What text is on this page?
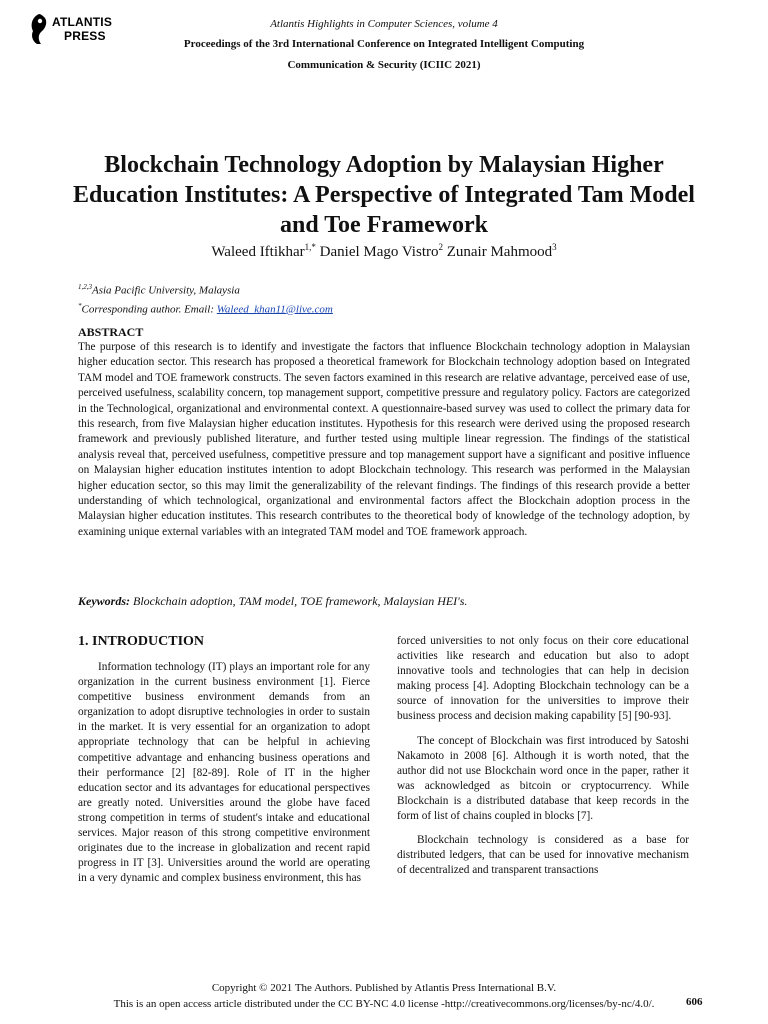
ATLANTIS
PRESS
Atlantis Highlights in Computer Sciences, volume 4
Proceedings of the 3rd International Conference on Integrated Intelligent Computing
Communication & Security (ICIIC 2021)
Blockchain Technology Adoption by Malaysian Higher Education Institutes: A Perspective of Integrated Tam Model and Toe Framework
Waleed Iftikhar$^{1,*}$ Daniel Mago Vistro$^2$ Zunair Mahmood$^3$
$^{1,2,3}$Asia Pacific University, Malaysia
*Corresponding author. Email: Waleed_khan11@live.com
ABSTRACT
The purpose of this research is to identify and investigate the factors that influence Blockchain technology adoption in Malaysian higher education sector. This research has proposed a theoretical framework for Blockchain technology adoption based on Integrated TAM model and TOE framework constructs. The seven factors examined in this research are relative advantage, perceived ease of use, perceived usefulness, scalability concern, top management support, competitive pressure and regulatory policy. Factors are categorized in the Technological, organizational and environmental context. A questionnaire-based survey was used to collect the primary data for this research, from five Malaysian higher education institutes. Hypothesis for this research were derived using the proposed research framework and previously published literature, and further tested using multiple linear regression. The findings of the statistical analysis reveal that, perceived usefulness, competitive pressure and top management support have a significant and positive influence on Malaysian higher education institutes intention to adopt Blockchain technology. This research was performed in the Malaysian higher education sector, so this may limit the generalizability of the relevant findings. The findings of this research provide a better understanding of which technological, organizational and environmental factors affect the Blockchain adoption process in the Malaysian higher education institutes. This research contributes to the theoretical body of knowledge of the technology adoption, by examining unique external variables with an integrated TAM model and TOE framework approach.
Keywords: Blockchain adoption, TAM model, TOE framework, Malaysian HEI's.
1. INTRODUCTION

Information technology (IT) plays an important role for any organization in the current business environment [1]. Fierce competitive business environment demands from an organization to adopt disruptive technologies in order to sustain in the market. It is very essential for an organization to adopt appropriate technology that can be helpful in achieving competitive advantage and enhancing business operations and their performance [2] [82-89]. Role of IT in the higher education sector and its advantages for educational perspectives are greatly noted. Universities around the globe have faced strong competition in terms of student's intake and educational services. Major reason of this strong competitive environment originates due to the increase in globalization and recent rapid progress in IT [3]. Universities around the world are operating in a very dynamic and complex business environment, this has

forced universities to not only focus on their core educational activities like research and education but also to adopt innovative tools and technologies that can help in decision making process [4]. Adopting Blockchain technology can be a source of innovation for the universities to improve their business process and decision making capability [5] [90-93].

The concept of Blockchain was first introduced by Satoshi Nakamoto in 2008 [6]. Although it is worth noted, that the author did not use Blockchain word once in the paper, rather it was acknowledged as bitcoin or cryptocurrency. While Blockchain is a distributed database that keep records in the form of list of chains coupled in blocks [7].

Blockchain technology is considered as a base for distributed ledgers, that can be used for innovative mechanism of decentralized and transparent transactions

Copyright © 2021 The Authors. Published by Atlantis Press International B.V.
This is an open access article distributed under the CC BY-NC 4.0 license -http://creativecommons.org/licenses/by-nc/4.0/.	606
